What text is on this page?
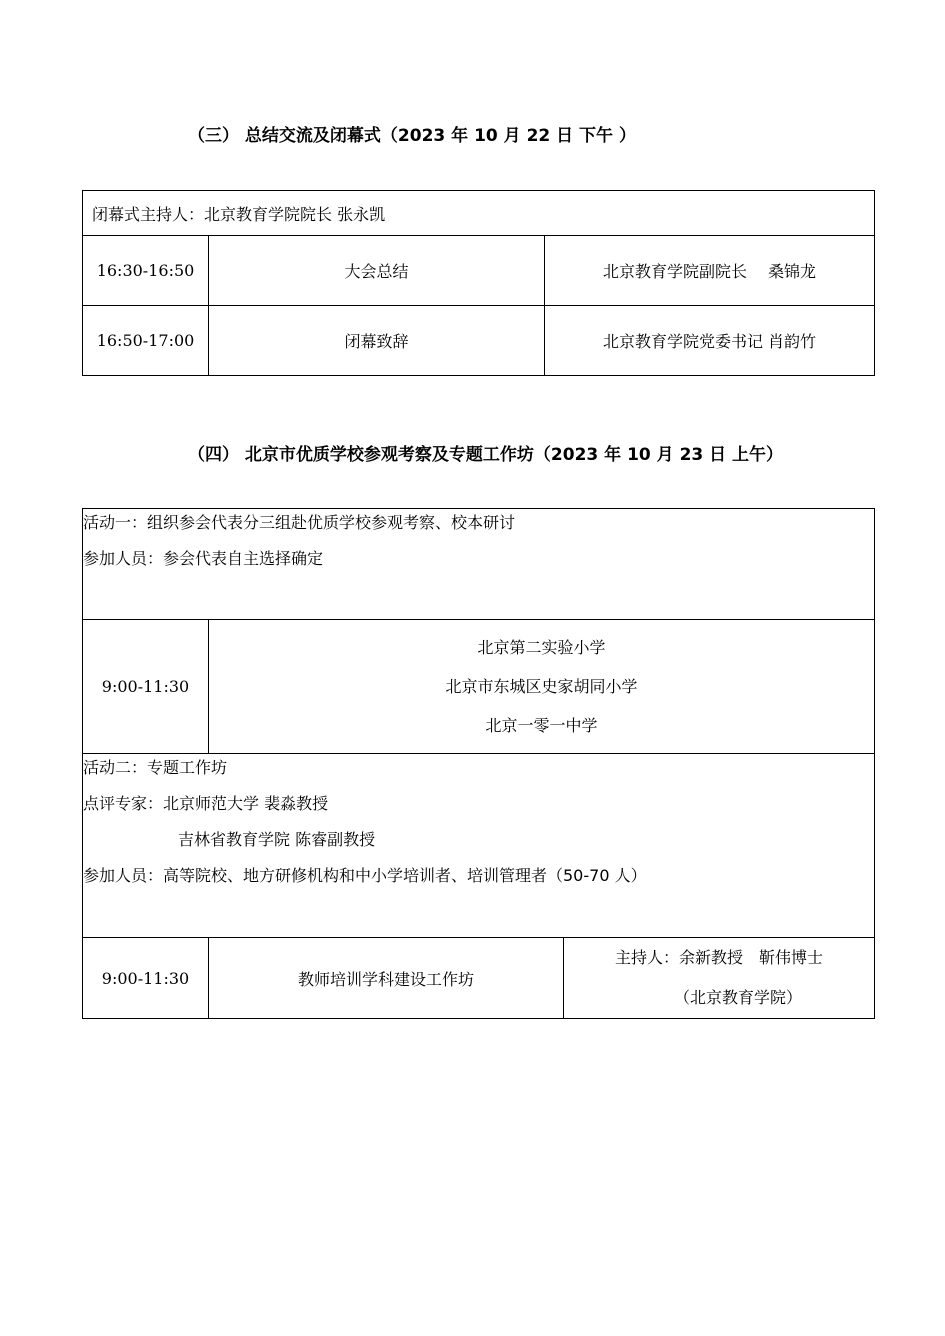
（三） 总结交流及闭幕式（2023 年 10 月 22 日 下午 ）
闭幕式主持人：北京教育学院院长 张永凯		
16:30-16:50	大会总结	北京教育学院副院长　 桑锦龙
16:50-17:00	闭幕致辞	北京教育学院党委书记 肖韵竹
（四） 北京市优质学校参观考察及专题工作坊（2023 年 10 月 23 日 上午）
活动一：组织参会代表分三组赴优质学校参观考察、校本研讨
参加人员：参会代表自主选择确定		

9:00-11:30	北京第二实验小学
北京市东城区史家胡同小学
北京一零一中学	

活动二：专题工作坊
点评专家：北京师范大学 裴淼教授
吉林省教育学院 陈睿副教授
参加人员：高等院校、地方研修机构和中小学培训者、培训管理者（50-70 人）		

9:00-11:30	教师培训学科建设工作坊	主持人：余新教授　靳伟博士
（北京教育学院）
